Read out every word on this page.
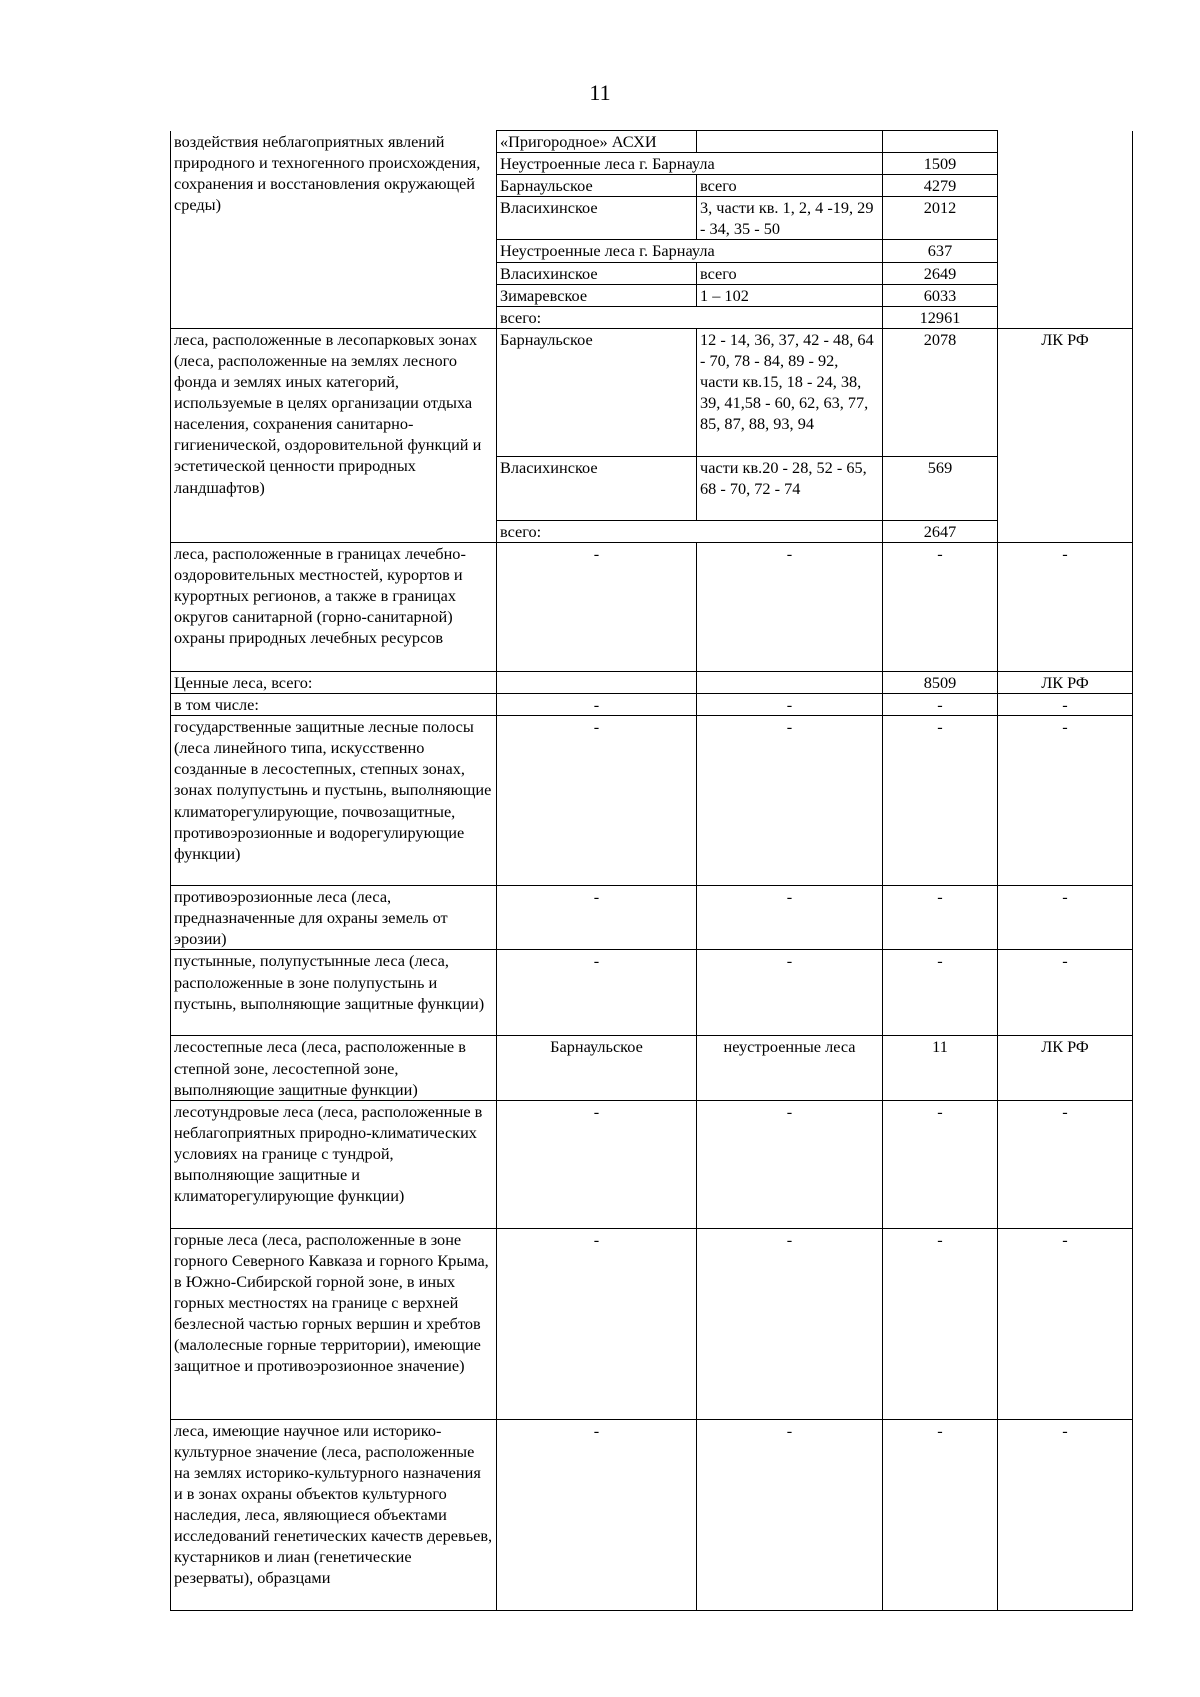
11
воздействия неблагоприятных явлений природного и техногенного происхождения, сохранения и восстановления окружающей среды)	«Пригородное» АСХИ			
	Неустроенные леса г. Барнаула		1509	
	Барнаульское	всего	4279	
	Власихинское	3, части кв. 1, 2, 4 -19, 29 - 34, 35 - 50	2012	
	Неустроенные леса г. Барнаула		637	
	Власихинское	всего	2649	
	Зимаревское	1 – 102	6033	
	всего:		12961	
леса, расположенные в лесопарковых зонах (леса, расположенные на землях лесного фонда и землях иных категорий, используемые в целях организации отдыха населения, сохранения санитарно-гигиенической, оздоровительной функций и эстетической ценности природных ландшафтов)	Барнаульское	12 - 14, 36, 37, 42 - 48, 64 - 70, 78 - 84, 89 - 92, части кв.15, 18 - 24, 38, 39, 41,58 - 60, 62, 63, 77, 85, 87, 88, 93, 94	2078	ЛК РФ
	Власихинское	части кв.20 - 28, 52 - 65, 68 - 70, 72 - 74	569	
	всего:		2647	
леса, расположенные в границах лечебно-оздоровительных местностей, курортов и курортных регионов, а также в границах округов санитарной (горно-санитарной) охраны природных лечебных ресурсов	-	-	-	-
Ценные леса, всего:			8509	ЛК РФ
в том числе:	-	-	-	-
государственные защитные лесные полосы (леса линейного типа, искусственно созданные в лесостепных, степных зонах, зонах полупустынь и пустынь, выполняющие климаторегулирующие, почвозащитные, противоэрозионные и водорегулирующие функции)	-	-	-	-
противоэрозионные леса (леса, предназначенные для охраны земель от эрозии)	-	-	-	-
пустынные, полупустынные леса (леса, расположенные в зоне полупустынь и пустынь, выполняющие защитные функции)	-	-	-	-
лесостепные леса (леса, расположенные в степной зоне, лесостепной зоне, выполняющие защитные функции)	Барнаульское	неустроенные леса	11	ЛК РФ
лесотундровые леса (леса, расположенные в неблагоприятных природно-климатических условиях на границе с тундрой, выполняющие защитные и климаторегулирующие функции)	-	-	-	-
горные леса (леса, расположенные в зоне горного Северного Кавказа и горного Крыма, в Южно-Сибирской горной зоне, в иных горных местностях на границе с верхней безлесной частью горных вершин и хребтов (малолесные горные территории), имеющие защитное и противоэрозионное значение)	-	-	-	-
леса, имеющие научное или историко-культурное значение (леса, расположенные на землях историко-культурного назначения и в зонах охраны объектов культурного наследия, леса, являющиеся объектами исследований генетических качеств деревьев, кустарников и лиан (генетические резерваты), образцами	-	-	-	-
